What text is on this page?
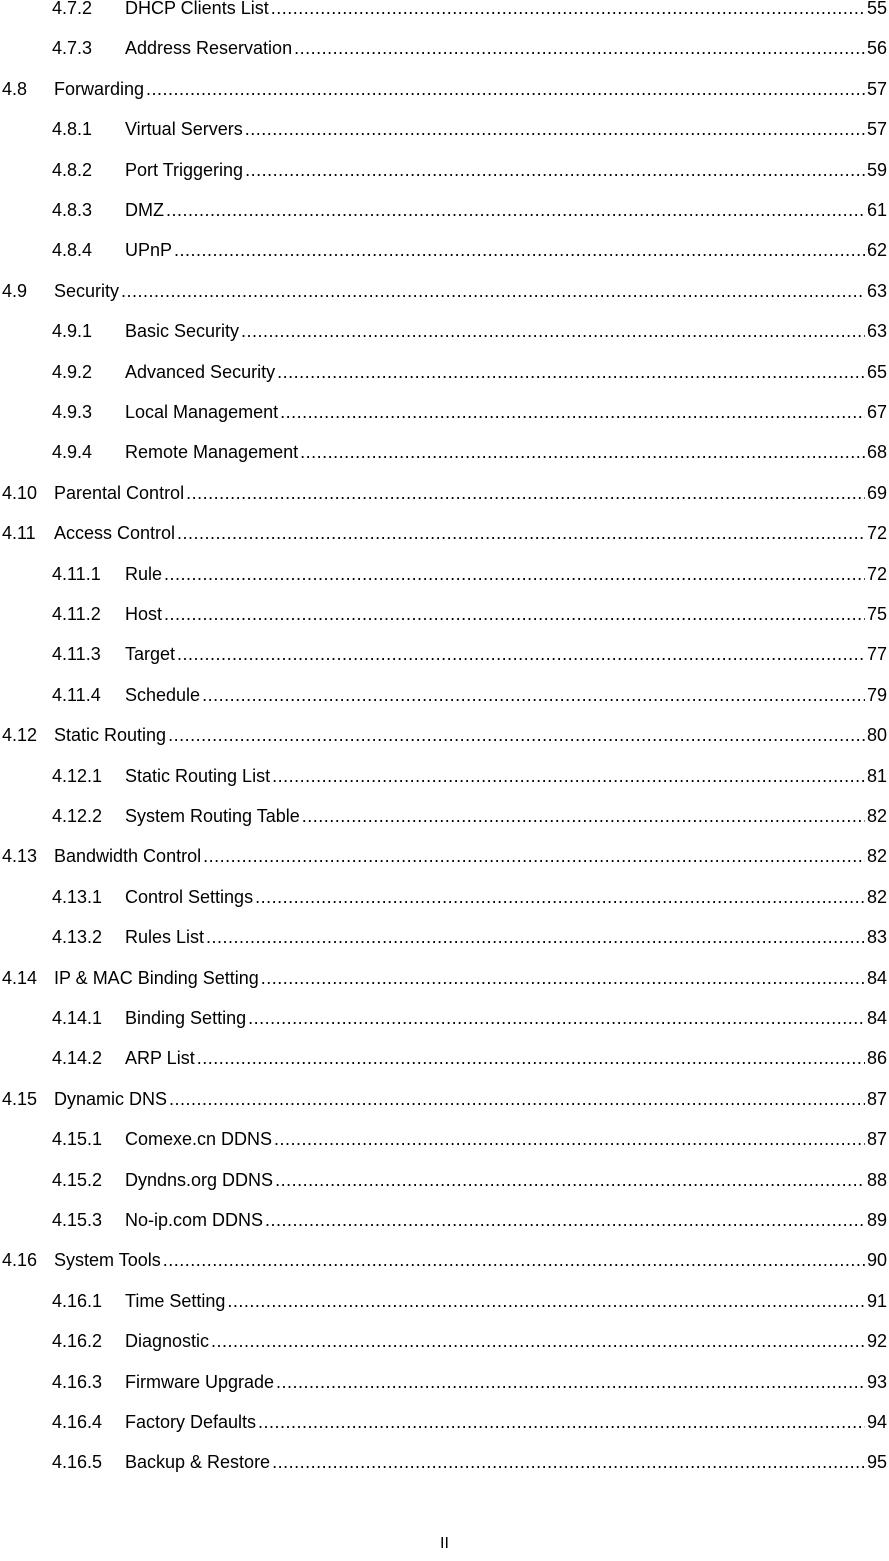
4.7.2	DHCP Clients List .....	55
4.7.3	Address Reservation .....	56
4.8	Forwarding .....	57
4.8.1	Virtual Servers .....	57
4.8.2	Port Triggering .....	59
4.8.3	DMZ .....	61
4.8.4	UPnP .....	62
4.9	Security .....	63
4.9.1	Basic Security .....	63
4.9.2	Advanced Security .....	65
4.9.3	Local Management .....	67
4.9.4	Remote Management .....	68
4.10 Parental Control .....	69
4.11	Access Control .....	72
4.11.1	Rule .....	72
4.11.2	Host .....	75
4.11.3	Target .....	77
4.11.4	Schedule .....	79
4.12 Static Routing .....	80
4.12.1	Static Routing List .....	81
4.12.2	System Routing Table .....	82
4.13 Bandwidth Control .....	82
4.13.1	Control Settings .....	82
4.13.2	Rules List .....	83
4.14 IP & MAC Binding Setting .....	84
4.14.1	Binding Setting .....	84
4.14.2	ARP List .....	86
4.15 Dynamic DNS .....	87
4.15.1	Comexe.cn DDNS .....	87
4.15.2	Dyndns.org DDNS .....	88
4.15.3	No-ip.com DDNS .....	89
4.16 System Tools .....	90
4.16.1	Time Setting .....	91
4.16.2	Diagnostic .....	92
4.16.3	Firmware Upgrade .....	93
4.16.4	Factory Defaults .....	94
4.16.5	Backup & Restore .....	95
II
